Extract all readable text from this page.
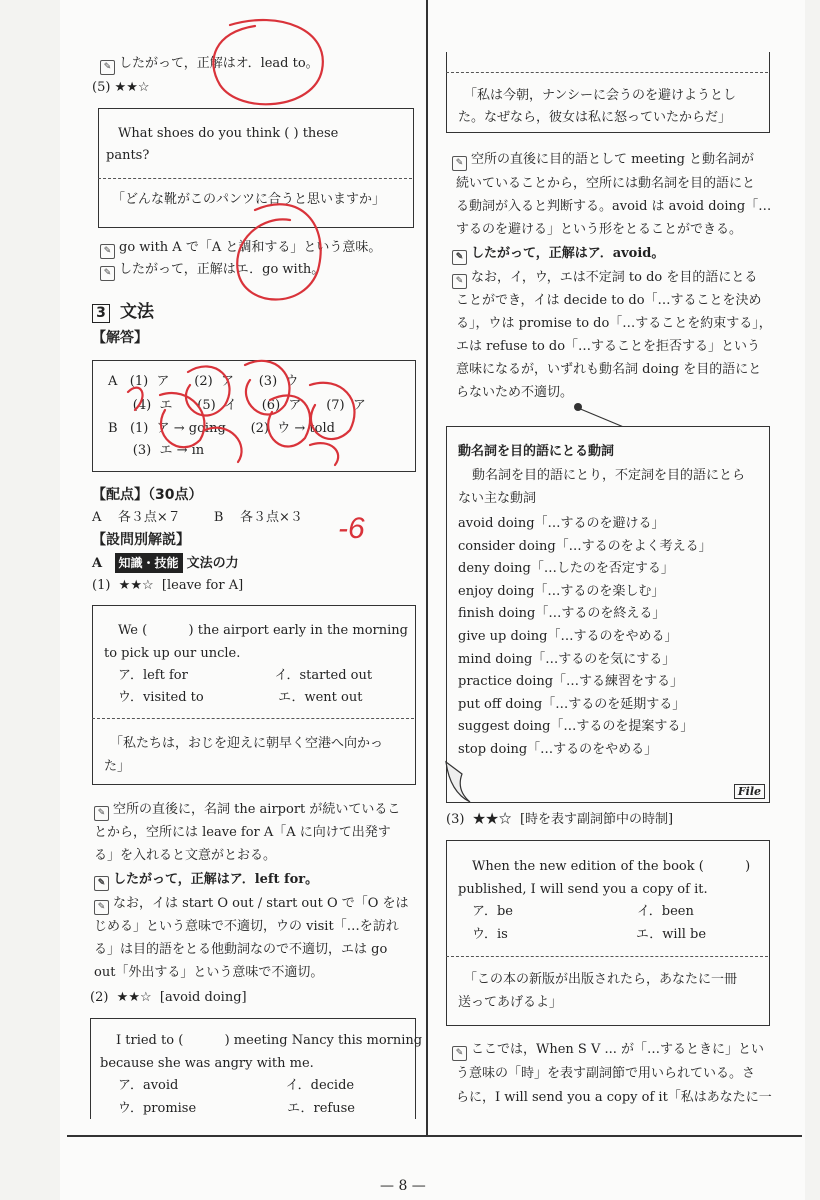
✎ したがって，正解はオ．lead to。
(5) ★★☆
What shoes do you think ( ) these
pants?
「どんな靴がこのパンツに合うと思いますか」
✎ go with A で「A と調和する」という意味。
✎ したがって，正解はエ．go with。
3 文法
【解答】
A   (1)  ア      (2)  ア      (3)  ウ
(4)  エ      (5)  イ      (6)  ア      (7)  ア
B   (1)  ア → going      (2)  ウ → told
(3)  エ → in
【配点】（30点）
A    各３点×７        B    各３点×３
【設問別解説】
A 知識・技能 文法の力
(1)  ★★☆  [leave for A]
We (          ) the airport early in the morning
to pick up our uncle.
ア．left for                     イ．started out
ウ．visited to                  エ．went out
「私たちは，おじを迎えに朝早く空港へ向かっ
た」
✎ 空所の直後に，名詞 the airport が続いているこ
とから，空所には leave for A「A に向けて出発す
る」を入れると文意がとおる。
✎ したがって，正解はア．left for。
✎ なお，イは start O out / start out O で「O をは
じめる」という意味で不適切，ウの visit「…を訪れ
る」は目的語をとる他動詞なので不適切，エは go
out「外出する」という意味で不適切。
(2)  ★★☆  [avoid doing]
I tried to (          ) meeting Nancy this morning
because she was angry with me.
ア．avoid                          イ．decide
ウ．promise                      エ．refuse
「私は今朝，ナンシーに会うのを避けようとし
た。なぜなら，彼女は私に怒っていたからだ」
✎ 空所の直後に目的語として meeting と動名詞が
続いていることから，空所には動名詞を目的語にと
る動詞が入ると判断する。avoid は avoid doing「…
するのを避ける」という形をとることができる。
✎ したがって，正解はア．avoid。
✎ なお，イ，ウ，エは不定詞 to do を目的語にとる
ことができ，イは decide to do「…することを決め
る」，ウは promise to do「…することを約束する」，
エは refuse to do「…することを拒否する」という
意味になるが，いずれも動名詞 doing を目的語にと
らないため不適切。
File
動名詞を目的語にとる動詞
動名詞を目的語にとり，不定詞を目的語にとら
ない主な動詞
avoid doing「…するのを避ける」
consider doing「…するのをよく考える」
deny doing「…したのを否定する」
enjoy doing「…するのを楽しむ」
finish doing「…するのを終える」
give up doing「…するのをやめる」
mind doing「…するのを気にする」
practice doing「…する練習をする」
put off doing「…するのを延期する」
suggest doing「…するのを提案する」
stop doing「…するのをやめる」
(3)  ★★☆  [時を表す副詞節中の時制]
When the new edition of the book (          )
published, I will send you a copy of it.
ア．be                              イ．been
ウ．is                               エ．will be
「この本の新版が出版されたら，あなたに一冊
送ってあげるよ」
✎ ここでは，When S V ... が「…するときに」とい
う意味の「時」を表す副詞節で用いられている。さ
らに，I will send you a copy of it「私はあなたに一
— 8 —
-6
